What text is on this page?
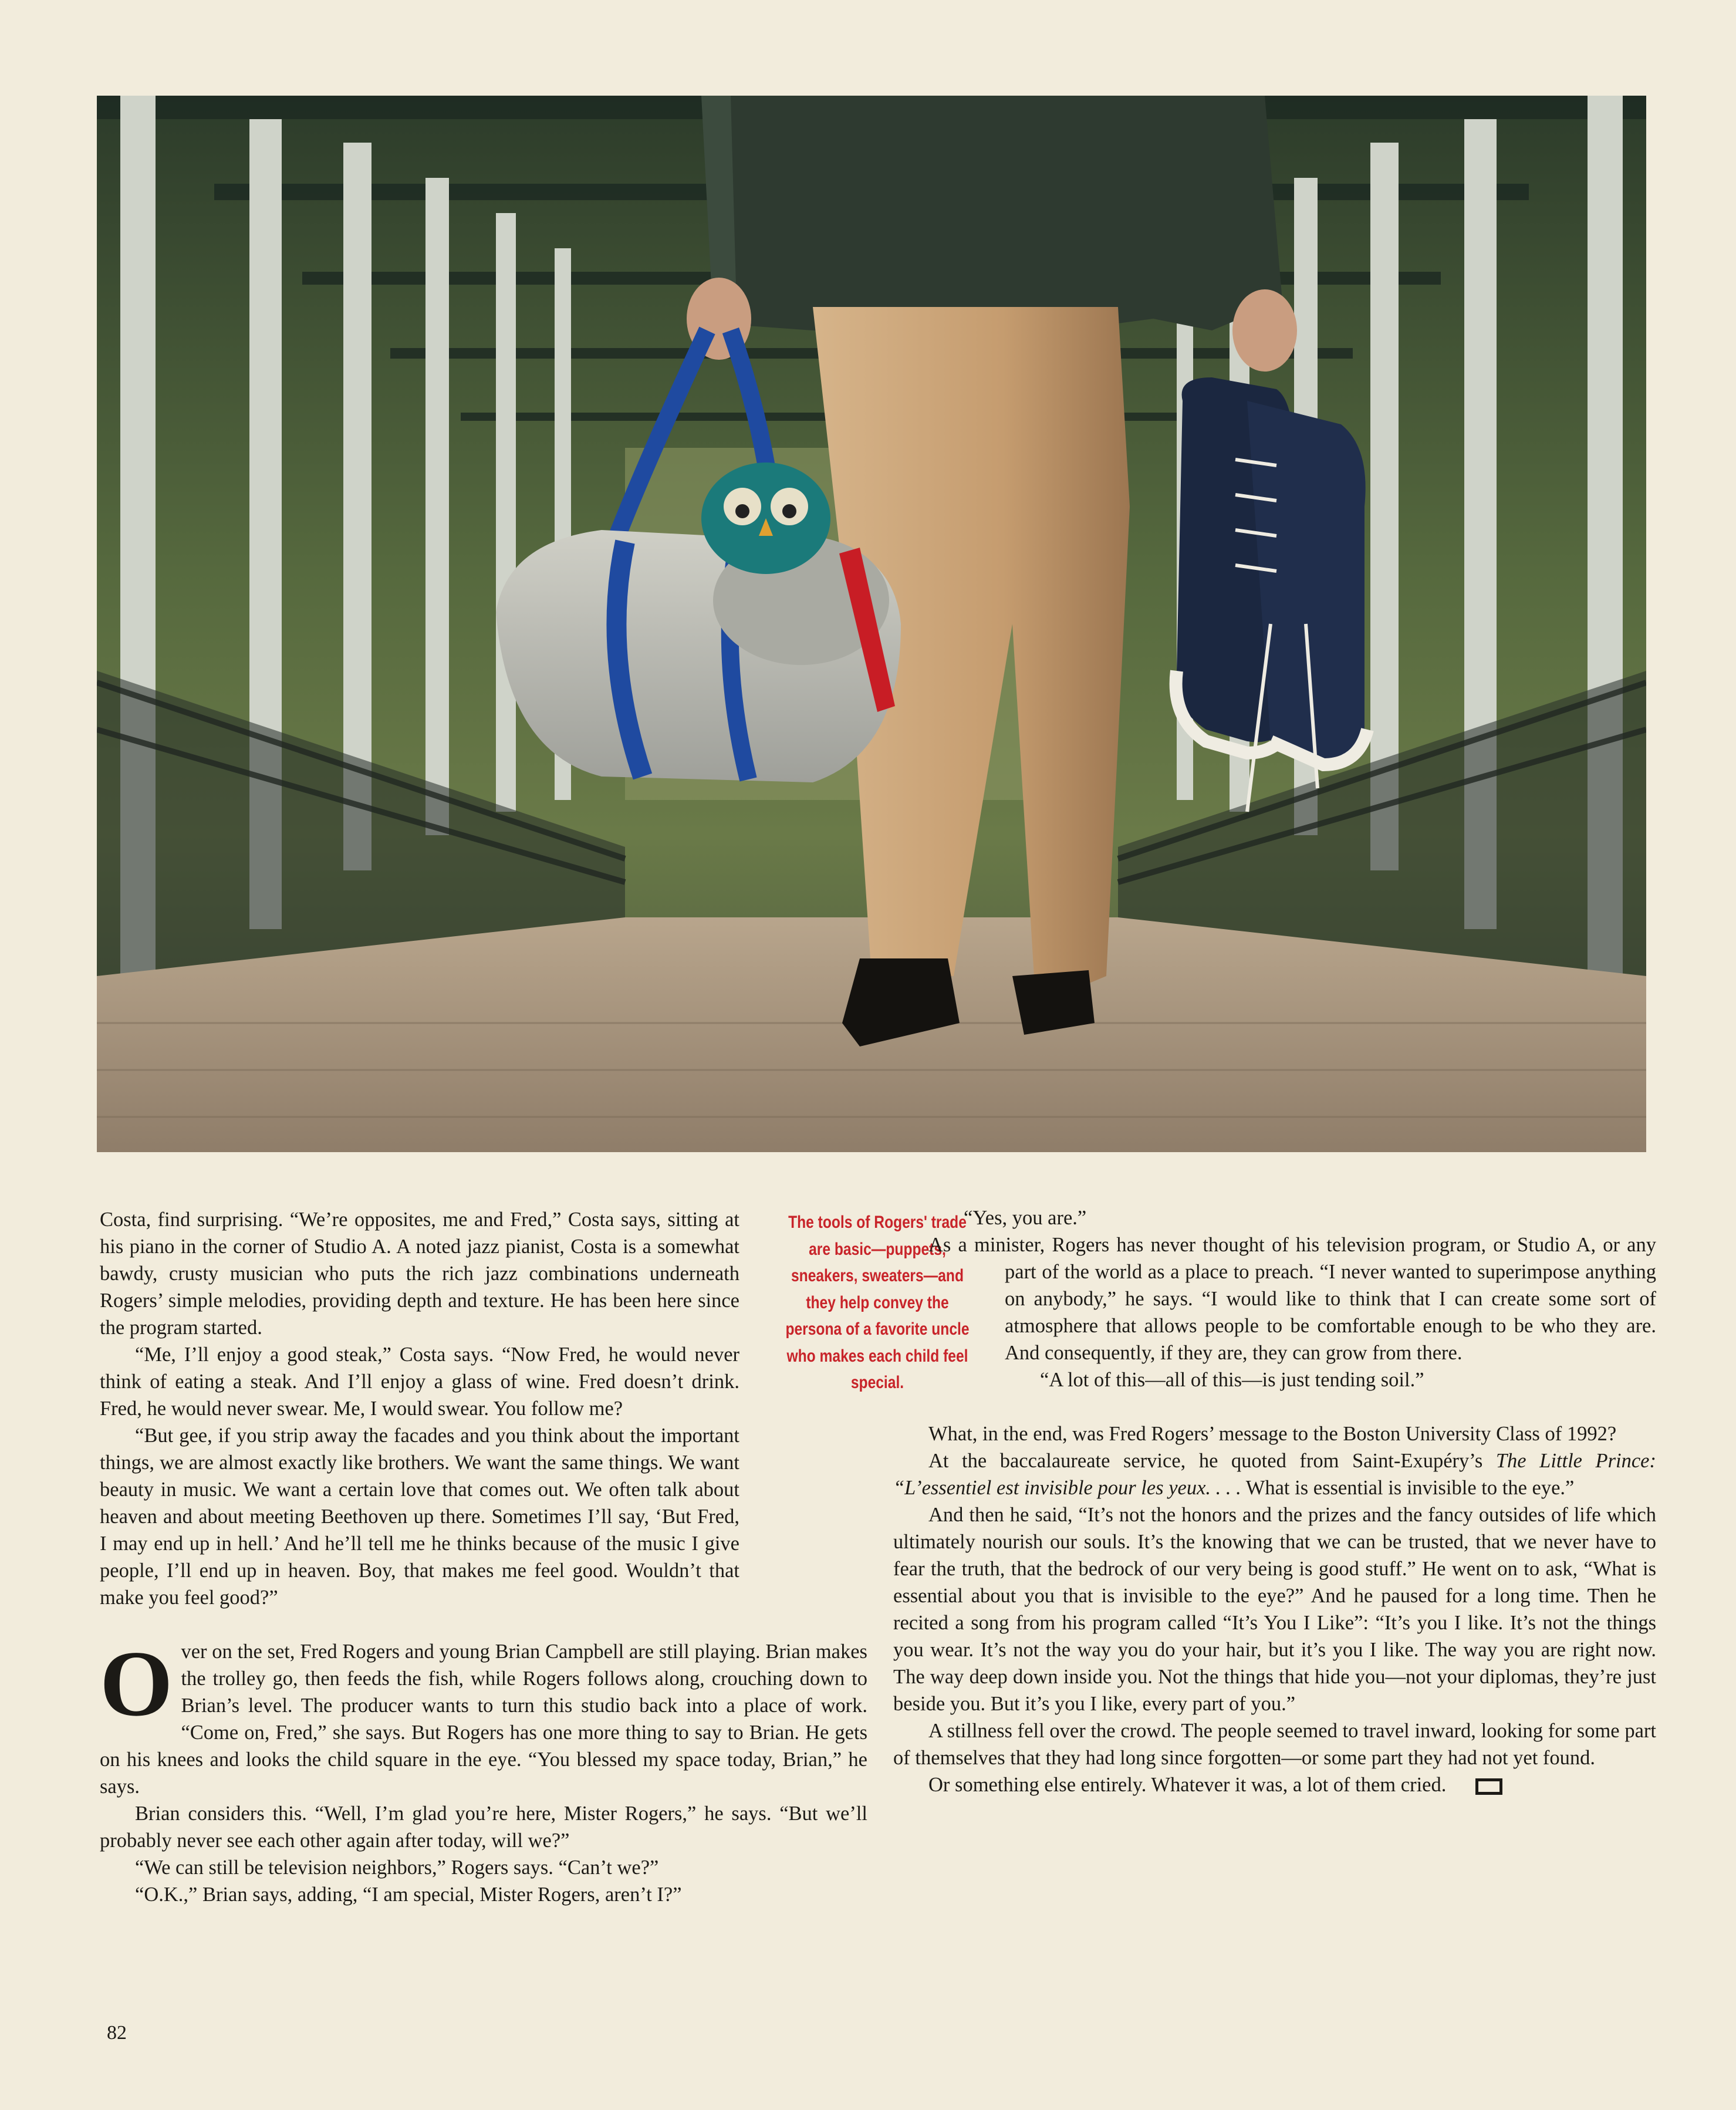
The tools of Rogers' trade are basic—puppets, sneakers, sweaters—and they help convey the persona of a favorite uncle who makes each child feel special.

Costa, find surprising. “We’re opposites, me and Fred,” Costa says, sitting at his piano in the corner of Studio A. A noted jazz pianist, Costa is a somewhat bawdy, crusty musician who puts the rich jazz combinations underneath Rogers’ simple melodies, providing depth and texture. He has been here since the program started.

“Me, I’ll enjoy a good steak,” Costa says. “Now Fred, he would never think of eating a steak. And I’ll enjoy a glass of wine. Fred doesn’t drink. Fred, he would never swear. Me, I would swear. You follow me?

“But gee, if you strip away the facades and you think about the important things, we are almost exactly like brothers. We want the same things. We want beauty in music. We want a certain love that comes out. We often talk about heaven and about meeting Beethoven up there. Sometimes I’ll say, ‘But Fred, I may end up in hell.’ And he’ll tell me he thinks because of the music I give people, I’ll end up in heaven. Boy, that makes me feel good. Wouldn’t that make you feel good?”

O ver on the set, Fred Rogers and young Brian Campbell are still playing. Brian makes the trolley go, then feeds the fish, while Rogers follows along, crouching down to Brian’s level. The producer wants to turn this studio back into a place of work. “Come on, Fred,” she says. But Rogers has one more thing to say to Brian. He gets on his knees and looks the child square in the eye. “You blessed my space today, Brian,” he says.

Brian considers this. “Well, I’m glad you’re here, Mister Rogers,” he says. “But we’ll probably never see each other again after today, will we?”

“We can still be television neighbors,” Rogers says. “Can’t we?”

“O.K.,” Brian says, adding, “I am special, Mister Rogers, aren’t I?”

“Yes, you are.”

As a minister, Rogers has never thought of his television program, or Studio A, or any part of the world as a place to preach. “I never wanted to superimpose anything on anybody,” he says. “I would like to think that I can create some sort of atmosphere that allows people to be comfortable enough to be who they are. And consequently, if they are, they can grow from there.

“A lot of this—all of this—is just tending soil.”

What, in the end, was Fred Rogers’ message to the Boston University Class of 1992?

At the baccalaureate service, he quoted from Saint-Exupéry’s The Little Prince: “L’essentiel est invisible pour les yeux. . . . What is essential is invisible to the eye.”

And then he said, “It’s not the honors and the prizes and the fancy outsides of life which ultimately nourish our souls. It’s the knowing that we can be trusted, that we never have to fear the truth, that the bedrock of our very being is good stuff.” He went on to ask, “What is essential about you that is invisible to the eye?” And he paused for a long time. Then he recited a song from his program called “It’s You I Like”: “It’s you I like. It’s not the things you wear. It’s not the way you do your hair, but it’s you I like. The way you are right now. The way deep down inside you. Not the things that hide you—not your diplomas, they’re just beside you. But it’s you I like, every part of you.”

A stillness fell over the crowd. The people seemed to travel inward, looking for some part of themselves that they had long since forgotten—or some part they had not yet found.

Or something else entirely. Whatever it was, a lot of them cried.

82
